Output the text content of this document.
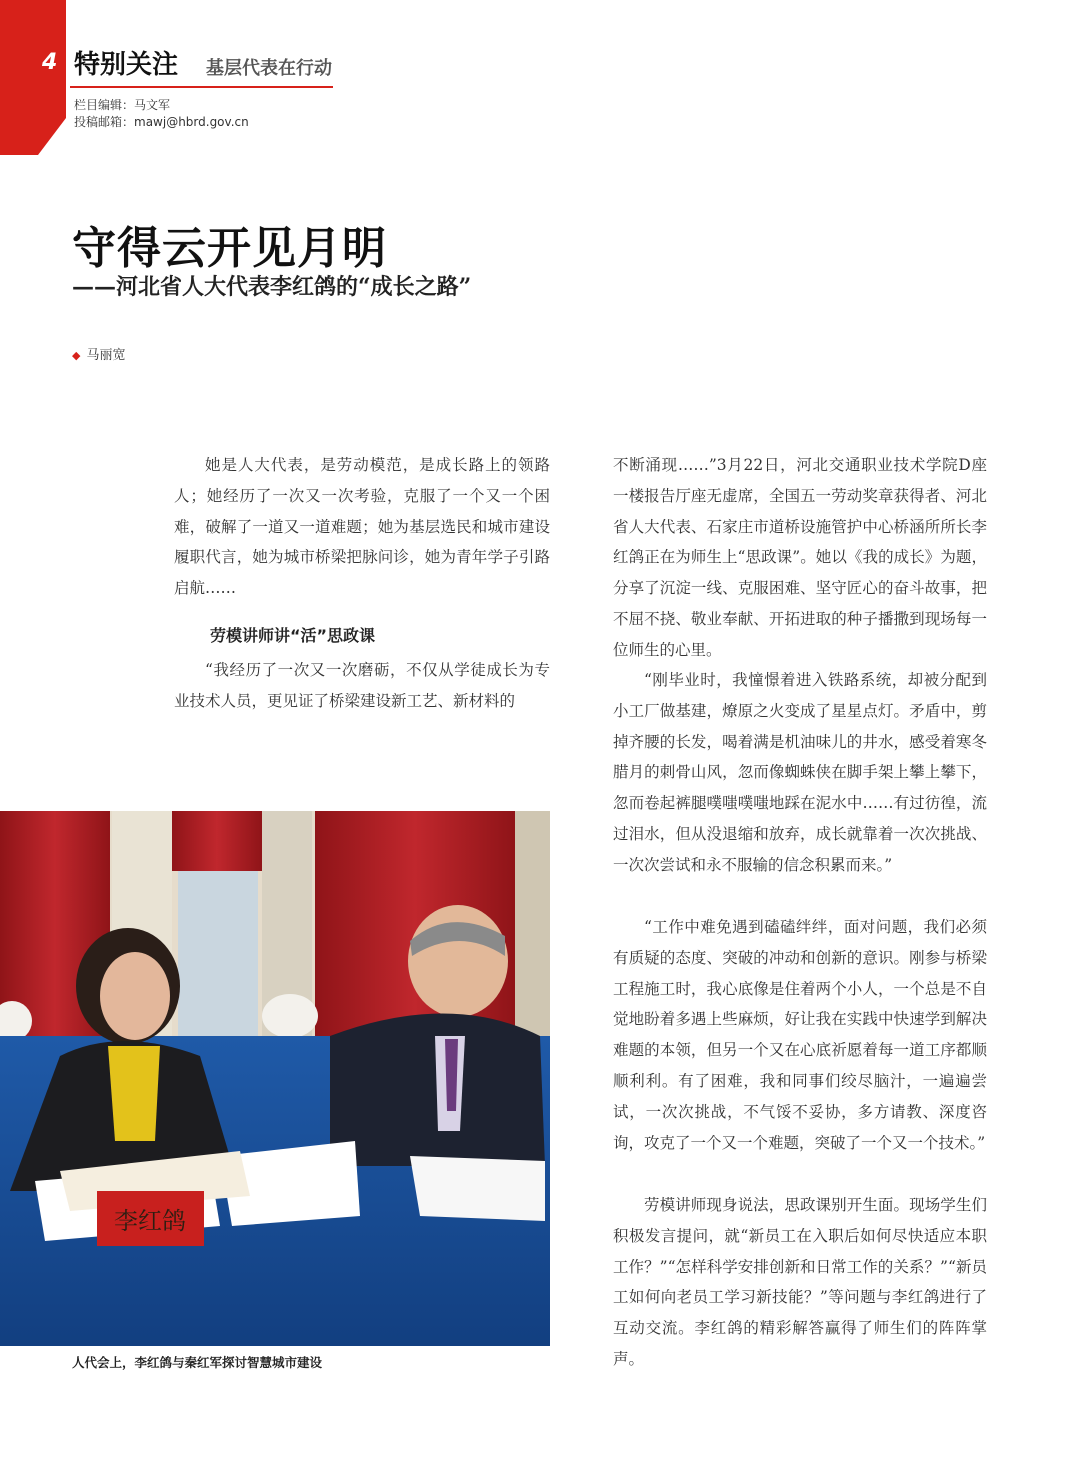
4 特别关注 基层代表在行动
栏目编辑：马文军
投稿邮箱：mawj@hbrd.gov.cn
守得云开见月明
——河北省人大代表李红鸽的“成长之路”
◆ 马丽宽

她是人大代表，是劳动模范，是成长路上的领路人；她经历了一次又一次考验，克服了一个又一个困难，破解了一道又一道难题；她为基层选民和城市建设履职代言，她为城市桥梁把脉问诊，她为青年学子引路启航……

劳模讲师讲“活”思政课

“我经历了一次又一次磨砺，不仅从学徒成长为专业技术人员，更见证了桥梁建设新工艺、新材料的

李红鸽
人代会上，李红鸽与秦红军探讨智慧城市建设

不断涌现……”3月22日，河北交通职业技术学院D座一楼报告厅座无虚席，全国五一劳动奖章获得者、河北省人大代表、石家庄市道桥设施管护中心桥涵所所长李红鸽正在为师生上“思政课”。她以《我的成长》为题，分享了沉淀一线、克服困难、坚守匠心的奋斗故事，把不屈不挠、敬业奉献、开拓进取的种子播撒到现场每一位师生的心里。

“刚毕业时，我憧憬着进入铁路系统，却被分配到小工厂做基建，燎原之火变成了星星点灯。矛盾中，剪掉齐腰的长发，喝着满是机油味儿的井水，感受着寒冬腊月的刺骨山风，忽而像蜘蛛侠在脚手架上攀上攀下，忽而卷起裤腿噗嗤噗嗤地踩在泥水中……有过彷徨，流过泪水，但从没退缩和放弃，成长就靠着一次次挑战、一次次尝试和永不服输的信念积累而来。”

“工作中难免遇到磕磕绊绊，面对问题，我们必须有质疑的态度、突破的冲动和创新的意识。刚参与桥梁工程施工时，我心底像是住着两个小人，一个总是不自觉地盼着多遇上些麻烦，好让我在实践中快速学到解决难题的本领，但另一个又在心底祈愿着每一道工序都顺顺利利。有了困难，我和同事们绞尽脑汁，一遍遍尝试，一次次挑战，不气馁不妥协，多方请教、深度咨询，攻克了一个又一个难题，突破了一个又一个技术。”

劳模讲师现身说法，思政课别开生面。现场学生们积极发言提问，就“新员工在入职后如何尽快适应本职工作？”“怎样科学安排创新和日常工作的关系？”“新员工如何向老员工学习新技能？”等问题与李红鸽进行了互动交流。李红鸽的精彩解答赢得了师生们的阵阵掌声。
